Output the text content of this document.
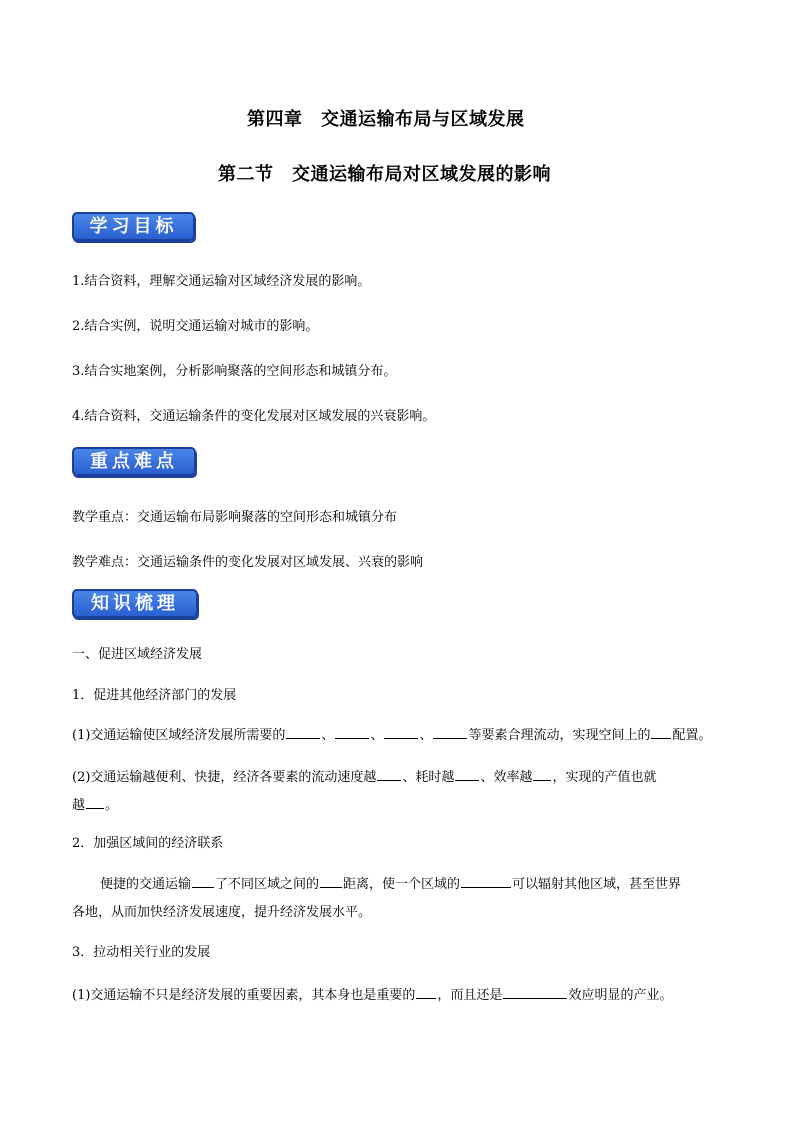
第四章　交通运输布局与区域发展
第二节　交通运输布局对区域发展的影响
学习目标
1.结合资料，理解交通运输对区域经济发展的影响。
2.结合实例，说明交通运输对城市的影响。
3.结合实地案例，分析影响聚落的空间形态和城镇分布。
4.结合资料，交通运输条件的变化发展对区域发展的兴衰影响。
重点难点
教学重点：交通运输布局影响聚落的空间形态和城镇分布
教学难点：交通运输条件的变化发展对区域发展、兴衰的影响
知识梳理
一、促进区域经济发展
1．促进其他经济部门的发展
(1)交通运输使区域经济发展所需要的	、	、	、	等要素合理流动，实现空间上的 配置。
(2)交通运输越便利、快捷，经济各要素的流动速度越 、耗时越 、效率越 ，实现的产值也就
越 。
2．加强区域间的经济联系
便捷的交通运输 了不同区域之间的 距离，使一个区域的	可以辐射其他区域，甚至世界
各地，从而加快经济发展速度，提升经济发展水平。
3．拉动相关行业的发展
(1)交通运输不只是经济发展的重要因素，其本身也是重要的 ，而且还是	效应明显的产业。
